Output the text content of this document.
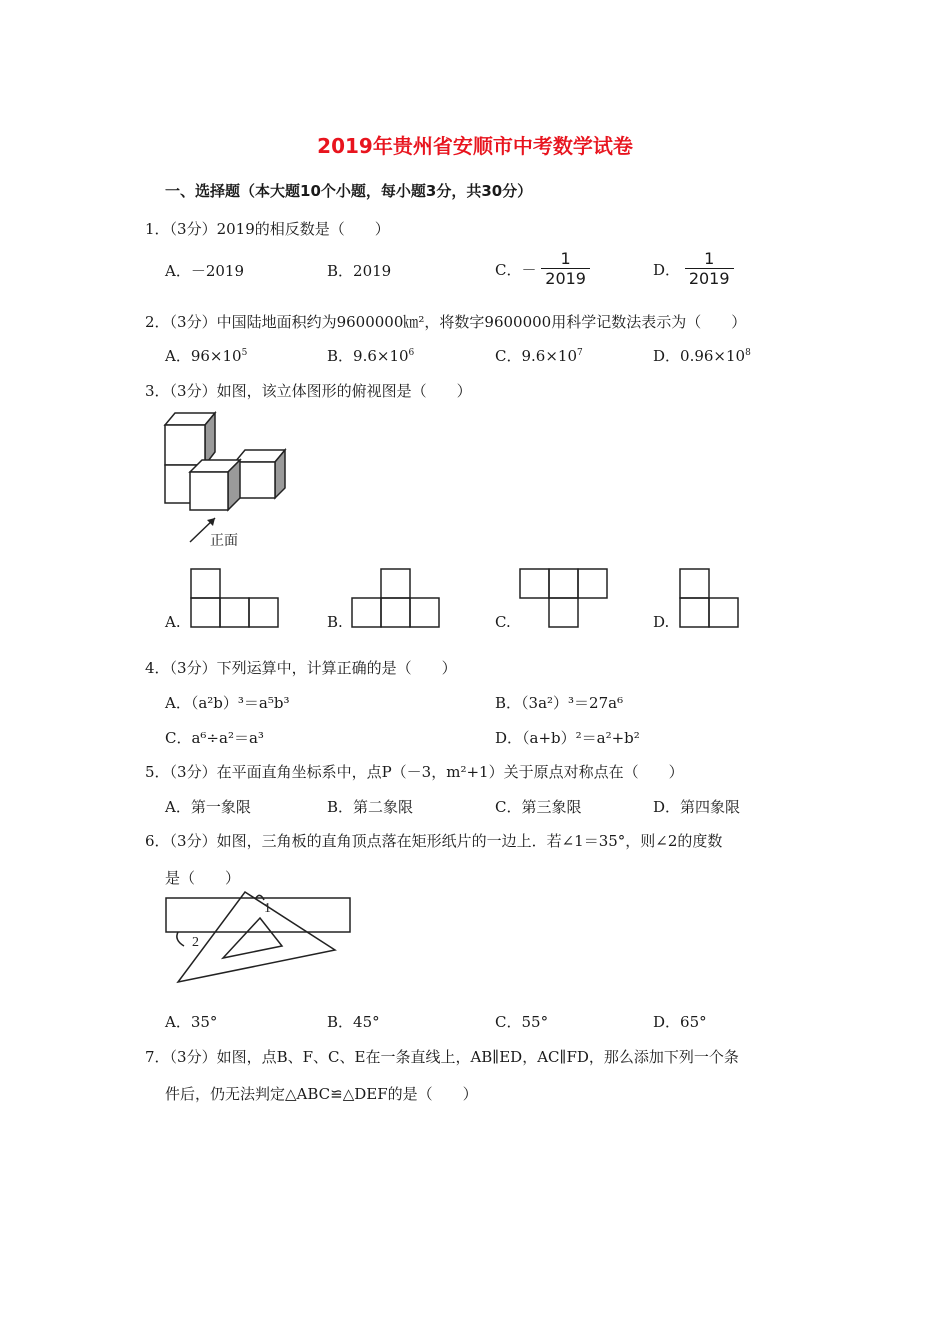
2019年贵州省安顺市中考数学试卷
一、选择题（本大题10个小题，每小题3分，共30分）
1．（3分）2019的相反数是（　　）
A．－2019	B．2019	C．－ $\frac{1}{2019}$	D． $\frac{1}{2019}$
2．（3分）中国陆地面积约为9600000㎞²，将数字9600000用科学记数法表示为（　　）
A．$96\times 10^5$	B．$9.6\times 10^6$	C．$9.6\times 10^7$	D．$0.96\times 10^8$
3．（3分）如图，该立体图形的俯视图是（　　）
正面
A.	B.	C.	D.
4．（3分）下列运算中，计算正确的是（　　）
A．（a²b）³＝a⁵b³	B．（3a²）³＝27a⁶
C．a⁶÷a²＝a³	D．（a+b）²＝a²+b²
5．（3分）在平面直角坐标系中，点P（－3，m²+1）关于原点对称点在（　　）
A．第一象限	B．第二象限	C．第三象限	D．第四象限
6．（3分）如图，三角板的直角顶点落在矩形纸片的一边上．若∠1＝35°，则∠2的度数
是（　　）
1
2
A．35°	B．45°	C．55°	D．65°
7．（3分）如图，点B、F、C、E在一条直线上，AB∥ED，AC∥FD，那么添加下列一个条
件后，仍无法判定△ABC≌△DEF的是（　　）
